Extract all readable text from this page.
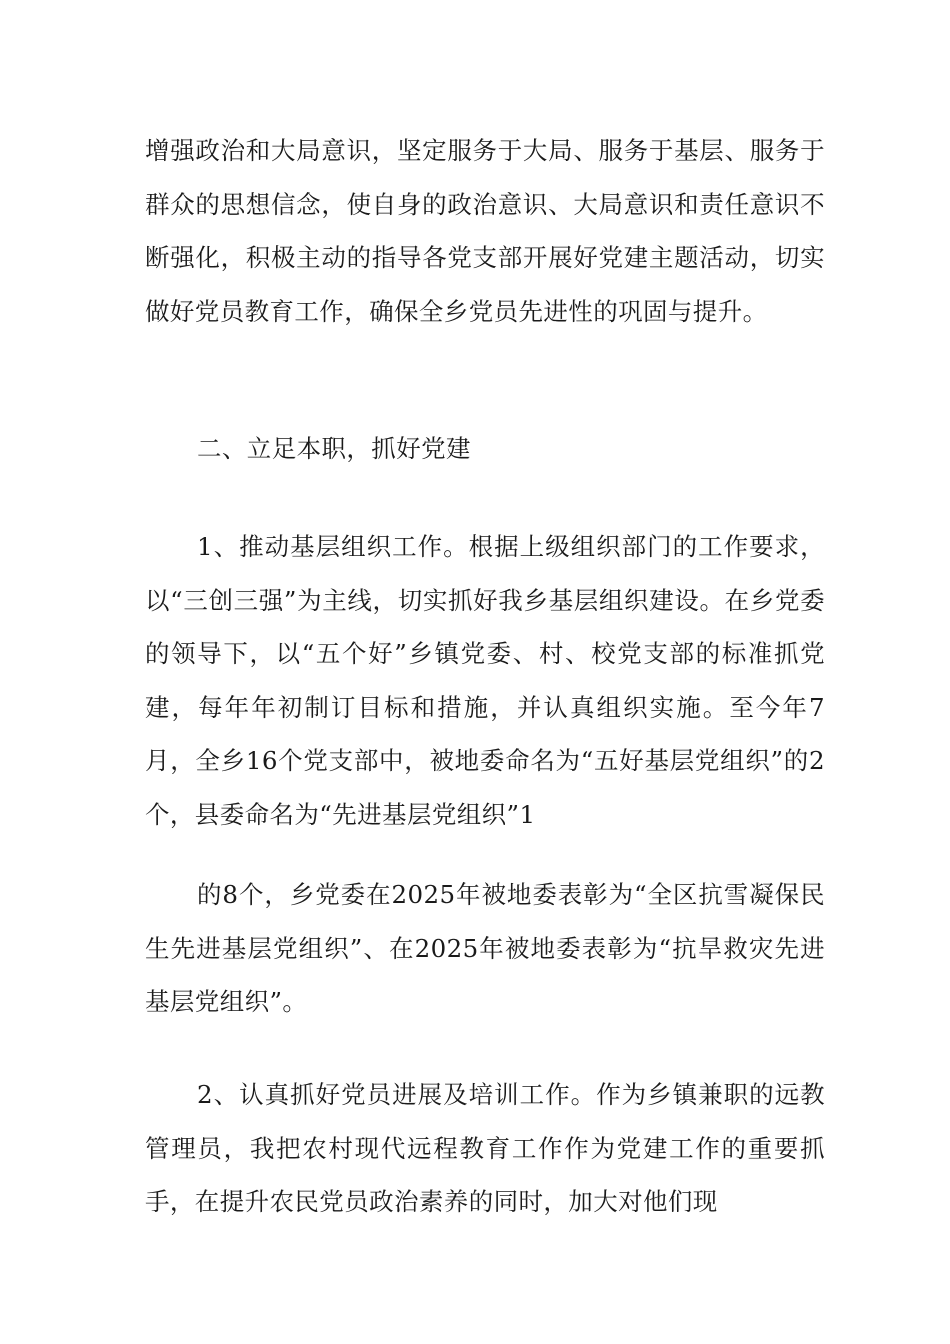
增强政治和大局意识，坚定服务于大局、服务于基层、服务于群众的思想信念，使自身的政治意识、大局意识和责任意识不断强化，积极主动的指导各党支部开展好党建主题活动，切实做好党员教育工作，确保全乡党员先进性的巩固与提升。

二、立足本职，抓好党建

1、推动基层组织工作。根据上级组织部门的工作要求，以“三创三强”为主线，切实抓好我乡基层组织建设。在乡党委的领导下，以“五个好”乡镇党委、村、校党支部的标准抓党建，每年年初制订目标和措施，并认真组织实施。至今年7月，全乡16个党支部中，被地委命名为“五好基层党组织”的2个，县委命名为“先进基层党组织”1

的8个，乡党委在2025年被地委表彰为“全区抗雪凝保民生先进基层党组织”、在2025年被地委表彰为“抗旱救灾先进基层党组织”。

2、认真抓好党员进展及培训工作。作为乡镇兼职的远教管理员，我把农村现代远程教育工作作为党建工作的重要抓手，在提升农民党员政治素养的同时，加大对他们现
